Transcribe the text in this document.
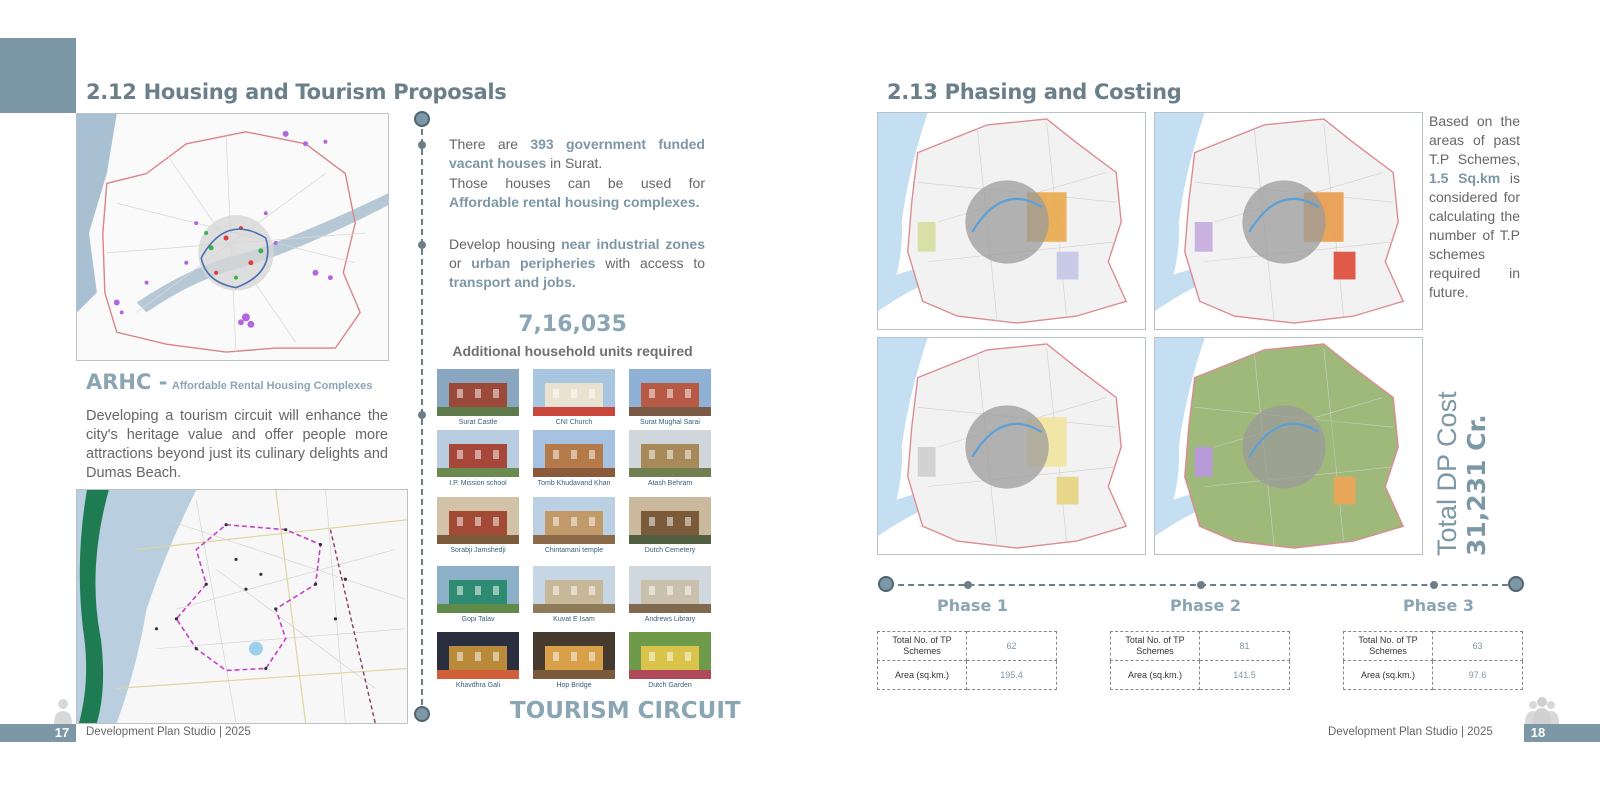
2.12 Housing and Tourism Proposals
ARHC - Affordable Rental Housing Complexes

Developing a tourism circuit will enhance the city's heritage value and offer people more attractions beyond just its culinary delights and Dumas Beach.

There are 393 government funded vacant houses in Surat.

Those houses can be used for Affordable rental housing complexes.

Develop housing near industrial zones or urban peripheries with access to transport and jobs.

7,16,035
Additional household units required
Surat Castle	CNI Church	Surat Mughal Sarai
I.P. Mission school	Tomb Khudavand Khan	Atash Behram
Sorabji Jamshedji	Chintamani temple	Dutch Cemetery
Gopi Talav	Kuvat E Isam	Andrews Library
Khavdhra Gali	Hop Bridge	Dutch Garden
TOURISM CIRCUIT
17	Development Plan Studio | 2025
2.13 Phasing and Costing

Based on the areas of past T.P Schemes, 1.5 Sq.km is considered for calculating the number of T.P schemes required in future.

Total DP Cost 31,231 Cr.
Phase 1
Total No. of TP Schemes	62
Area (sq.km.)	195.4
Phase 2
Total No. of TP Schemes	81
Area (sq.km.)	141.5
Phase 3
Total No. of TP Schemes	63
Area (sq.km.)	97.6
Development Plan Studio | 2025	18
